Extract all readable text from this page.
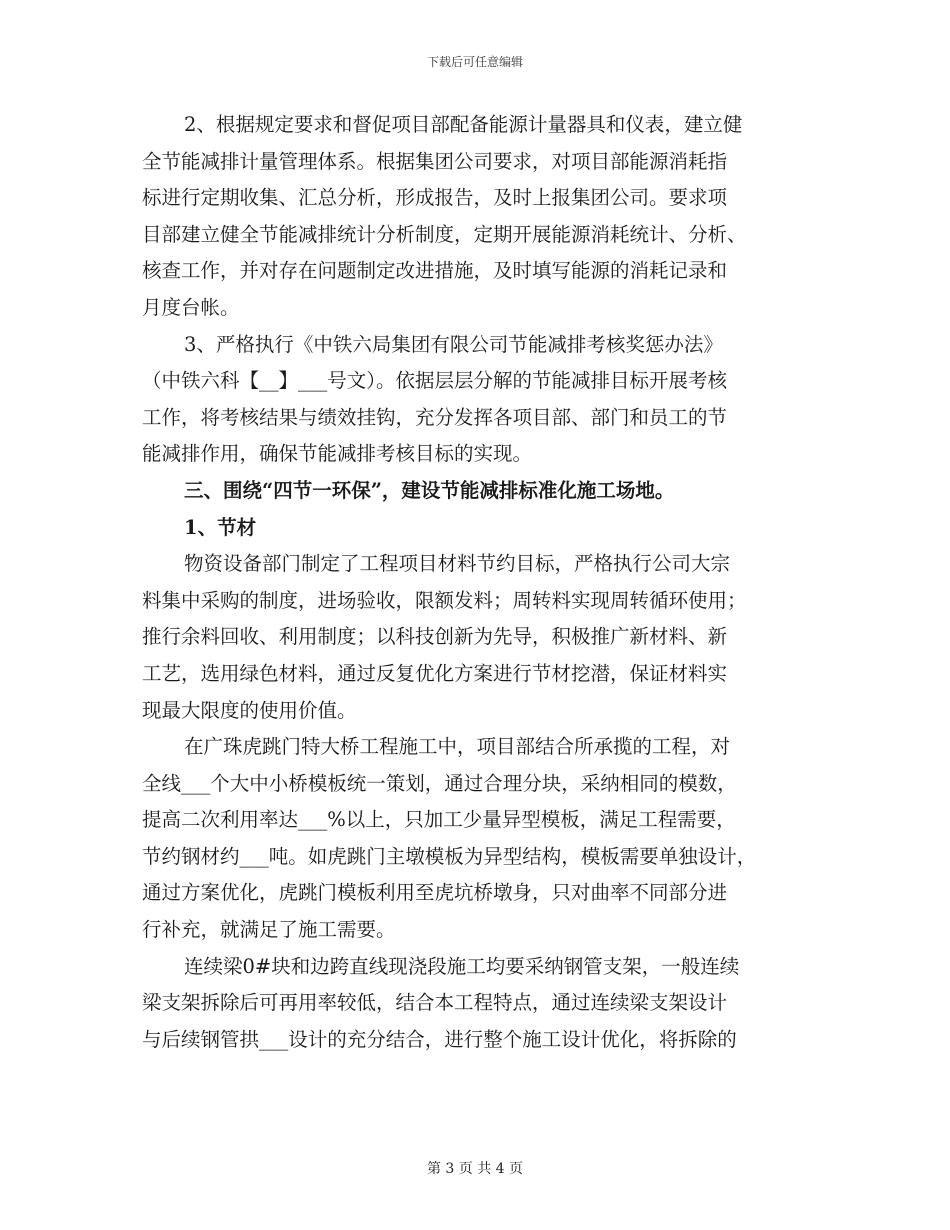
下载后可任意编辑
2、根据规定要求和督促项目部配备能源计量器具和仪表，建立健
全节能减排计量管理体系。根据集团公司要求，对项目部能源消耗指
标进行定期收集、汇总分析，形成报告，及时上报集团公司。要求项
目部建立健全节能减排统计分析制度，定期开展能源消耗统计、分析、
核查工作，并对存在问题制定改进措施，及时填写能源的消耗记录和
月度台帐。
3、严格执行《中铁六局集团有限公司节能减排考核奖惩办法》
（中铁六科【__】___号文）。依据层层分解的节能减排目标开展考核
工作，将考核结果与绩效挂钩，充分发挥各项目部、部门和员工的节
能减排作用，确保节能减排考核目标的实现。
三、围绕“四节一环保”，建设节能减排标准化施工场地。
1、节材
物资设备部门制定了工程项目材料节约目标，严格执行公司大宗
料集中采购的制度，进场验收，限额发料；周转料实现周转循环使用；
推行余料回收、利用制度；以科技创新为先导，积极推广新材料、新
工艺，选用绿色材料，通过反复优化方案进行节材挖潜，保证材料实
现最大限度的使用价值。
在广珠虎跳门特大桥工程施工中，项目部结合所承揽的工程，对
全线___个大中小桥模板统一策划，通过合理分块，采纳相同的模数，
提高二次利用率达___%以上，只加工少量异型模板，满足工程需要，
节约钢材约___吨。如虎跳门主墩模板为异型结构，模板需要单独设计，
通过方案优化，虎跳门模板利用至虎坑桥墩身，只对曲率不同部分进
行补充，就满足了施工需要。
连续梁0#块和边跨直线现浇段施工均要采纳钢管支架，一般连续
梁支架拆除后可再用率较低，结合本工程特点，通过连续梁支架设计
与后续钢管拱___设计的充分结合，进行整个施工设计优化，将拆除的
第 3 页 共 4 页
